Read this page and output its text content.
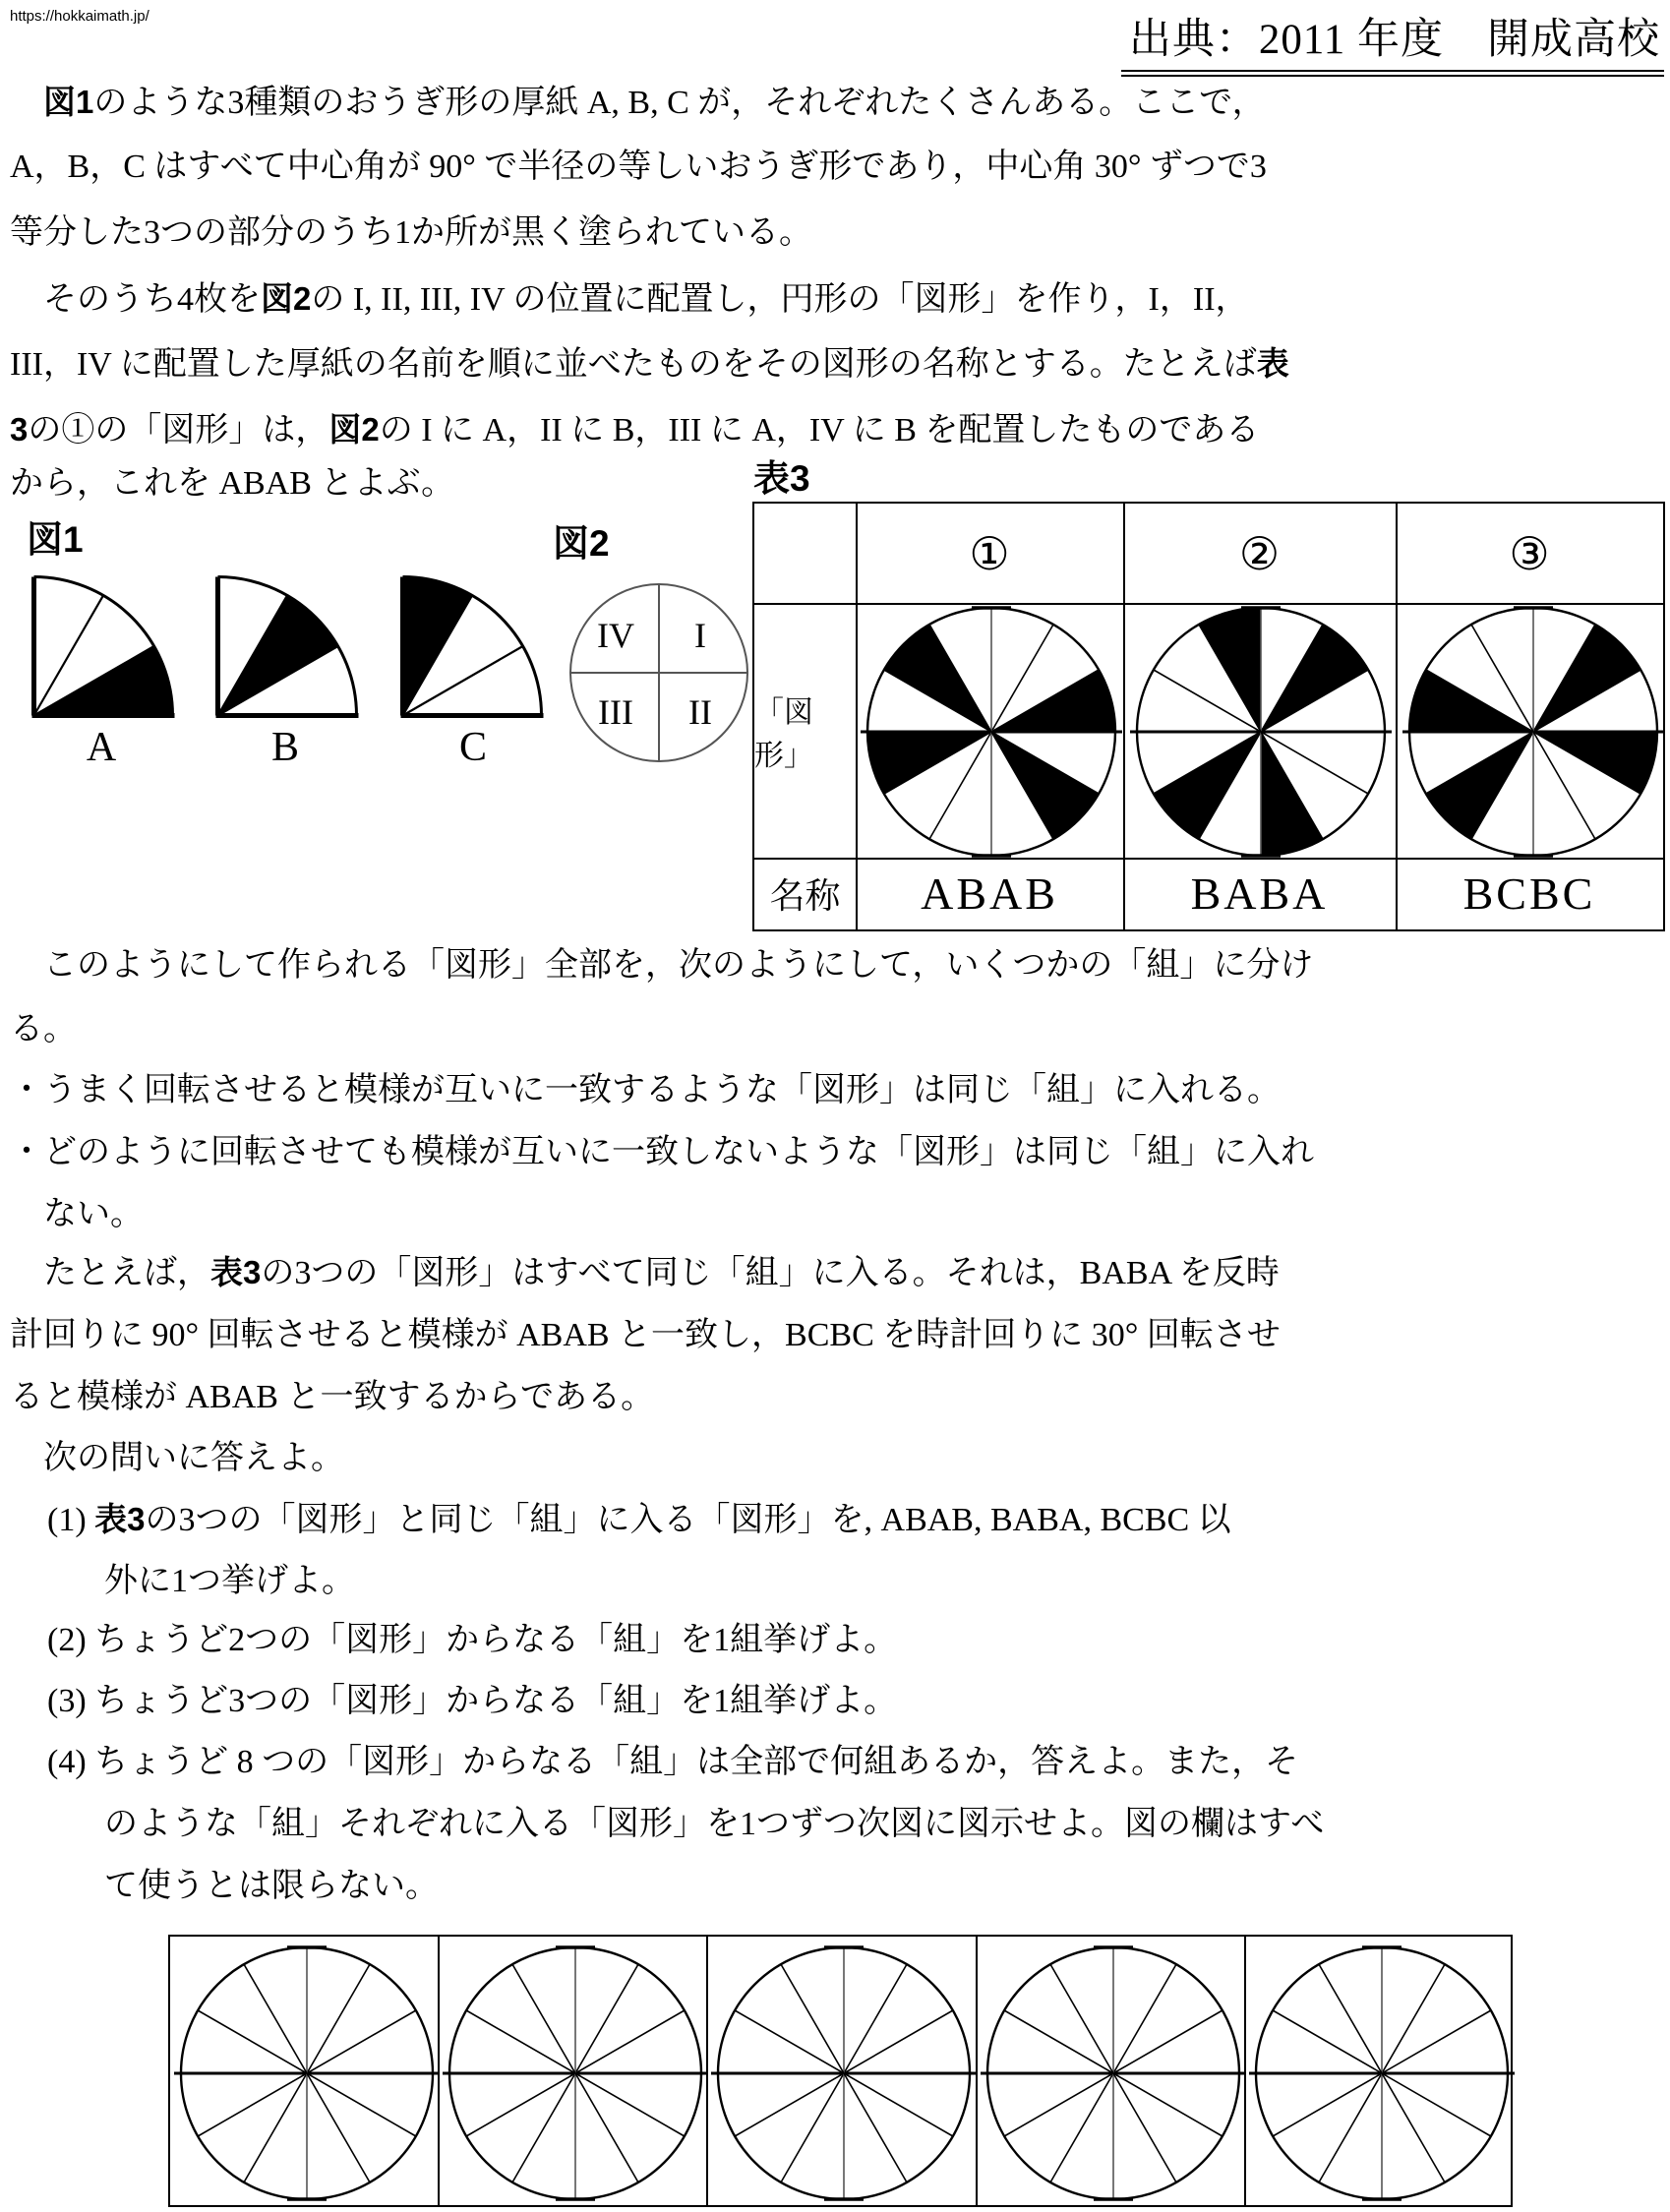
https://hokkaimath.jp/
出典：2011 年度　開成高校
　図1のような3種類のおうぎ形の厚紙 A, B, C が，それぞれたくさんある。ここで，
A，B，C はすべて中心角が 90° で半径の等しいおうぎ形であり，中心角 30° ずつで3
等分した3つの部分のうち1か所が黒く塗られている。
　そのうち4枚を図2の I, II, III, IV の位置に配置し，円形の「図形」を作り，I，II，
III，IV に配置した厚紙の名前を順に並べたものをその図形の名称とする。たとえば表
3の①の「図形」は，図2の I に A，II に B，III に A，IV に B を配置したものである
から，これを ABAB とよぶ。
　このようにして作られる「図形」全部を，次のようにして，いくつかの「組」に分け
る。
・うまく回転させると模様が互いに一致するような「図形」は同じ「組」に入れる。
・どのように回転させても模様が互いに一致しないような「図形」は同じ「組」に入れ
ない。
　たとえば，表3の3つの「図形」はすべて同じ「組」に入る。それは，BABA を反時
計回りに 90° 回転させると模様が ABAB と一致し，BCBC を時計回りに 30° 回転させ
ると模様が ABAB と一致するからである。
　次の問いに答えよ。
(1) 表3の3つの「図形」と同じ「組」に入る「図形」を, ABAB, BABA, BCBC 以
外に1つ挙げよ。
(2) ちょうど2つの「図形」からなる「組」を1組挙げよ。
(3) ちょうど3つの「図形」からなる「組」を1組挙げよ。
(4) ちょうど 8 つの「図形」からなる「組」は全部で何組あるか，答えよ。また，そ
のような「組」それぞれに入る「図形」を1つずつ次図に図示せよ。図の欄はすべ
て使うとは限らない。
図1
A	B	C
図2
IV I
III II
表3
①	②	③
「図形」
名称	ABAB	BABA	BCBC
